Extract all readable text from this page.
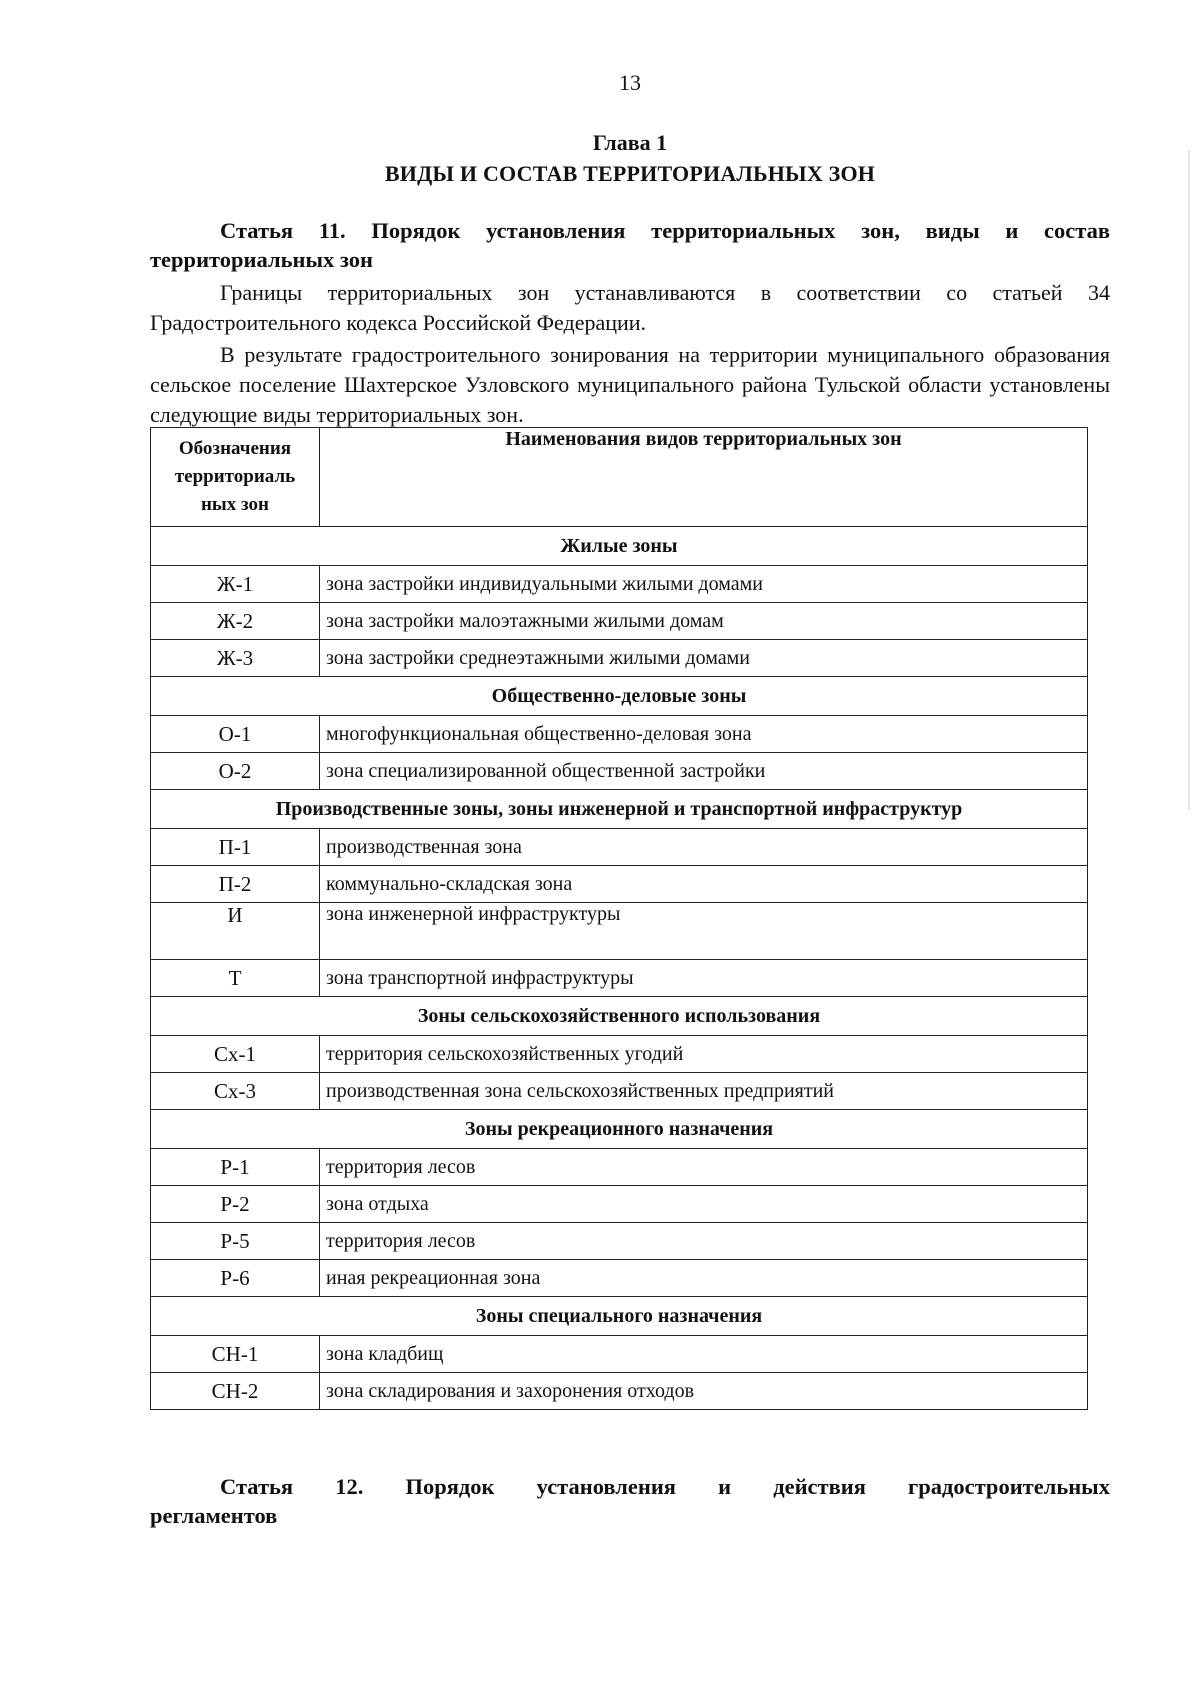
13
Глава 1
ВИДЫ И СОСТАВ ТЕРРИТОРИАЛЬНЫХ ЗОН
Статья 11. Порядок установления территориальных зон, виды и состав
территориальных зон
Границы территориальных зон устанавливаются в соответствии со статьей 34 Градостроительного кодекса Российской Федерации.
В результате градостроительного зонирования на территории муниципального образования сельское поселение Шахтерское Узловского муниципального района Тульской области установлены следующие виды территориальных зон.
Обозначения территориаль ных зон	Наименования видов территориальных зон
Жилые зоны	
Ж-1	зона застройки индивидуальными жилыми домами
Ж-2	зона застройки малоэтажными жилыми домам
Ж-3	зона застройки среднеэтажными жилыми домами
Общественно-деловые зоны	
О-1	многофункциональная общественно-деловая зона
О-2	зона специализированной общественной застройки
Производственные зоны, зоны инженерной и транспортной инфраструктур	
П-1	производственная зона
П-2	коммунально-складская зона
И	зона инженерной инфраструктуры
Т	зона транспортной инфраструктуры
Зоны сельскохозяйственного использования	
Сх-1	территория сельскохозяйственных угодий
Сх-3	производственная зона сельскохозяйственных предприятий
Зоны рекреационного назначения	
Р-1	территория лесов
Р-2	зона отдыха
Р-5	территория лесов
Р-6	иная рекреационная зона
Зоны специального назначения	
СН-1	зона кладбищ
СН-2	зона складирования и захоронения отходов
Статья 12. Порядок установления и действия градостроительных
регламентов
